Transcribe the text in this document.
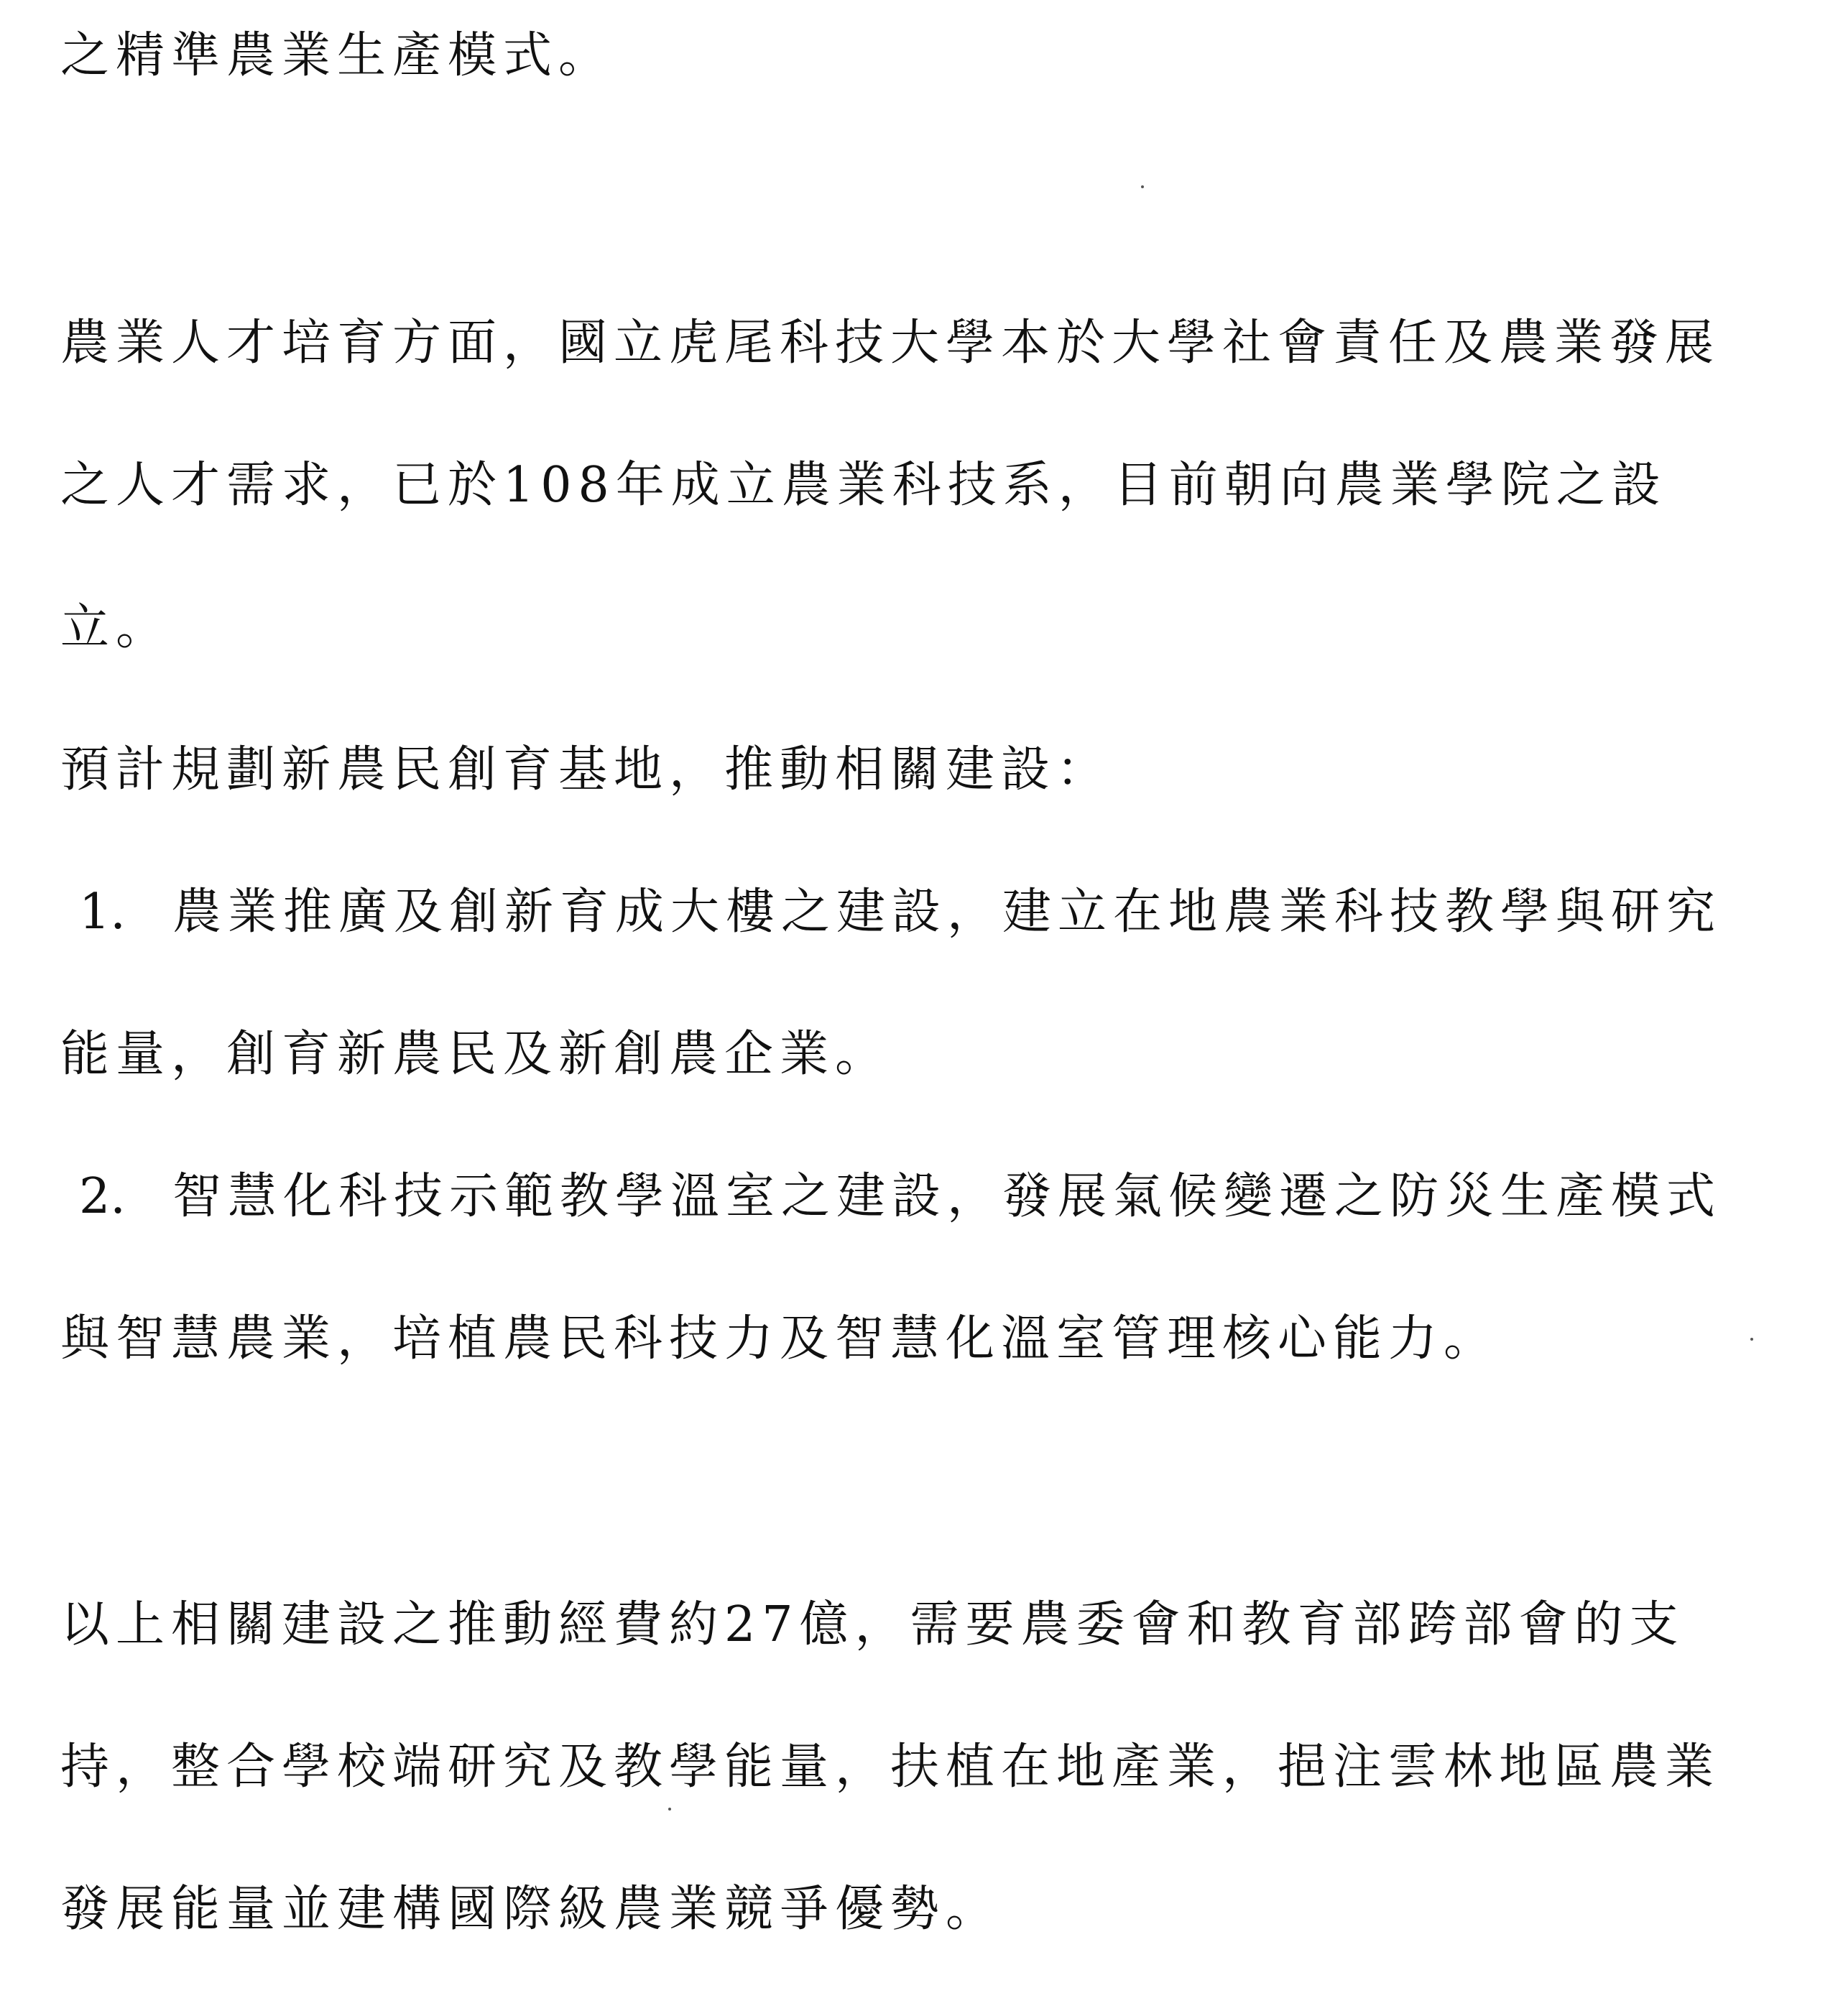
之精準農業生產模式。

農業人才培育方面，國立虎尾科技大學本於大學社會責任及農業發展

之人才需求，已於108年成立農業科技系，目前朝向農業學院之設

立。

預計規劃新農民創育基地，推動相關建設：

1. 農業推廣及創新育成大樓之建設，建立在地農業科技教學與研究

能量，創育新農民及新創農企業。

2. 智慧化科技示範教學溫室之建設，發展氣候變遷之防災生產模式

與智慧農業，培植農民科技力及智慧化溫室管理核心能力。

以上相關建設之推動經費約27億，需要農委會和教育部跨部會的支

持，整合學校端研究及教學能量，扶植在地產業，挹注雲林地區農業

發展能量並建構國際級農業競爭優勢。
